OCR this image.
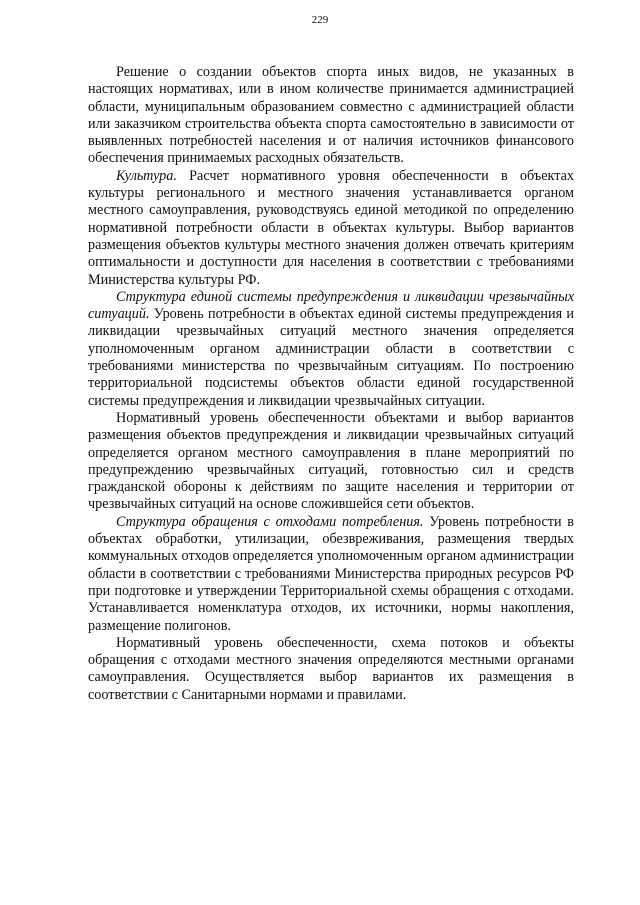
229

Решение о создании объектов спорта иных видов, не указанных в настоящих нормативах, или в ином количестве принимается администрацией области, муниципальным образованием совместно с администрацией области или заказчиком строительства объекта спорта самостоятельно в зависимости от выявленных потребностей населения и от наличия источников финансового обеспечения принимаемых расходных обязательств.

Культура. Расчет нормативного уровня обеспеченности в объектах культуры регионального и местного значения устанавливается органом местного самоуправления, руководствуясь единой методикой по определению нормативной потребности области в объектах культуры. Выбор вариантов размещения объектов культуры местного значения должен отвечать критериям оптимальности и доступности для населения в соответствии с требованиями Министерства культуры РФ.

Структура единой системы предупреждения и ликвидации чрезвычайных ситуаций. Уровень потребности в объектах единой системы предупреждения и ликвидации чрезвычайных ситуаций местного значения определяется уполномоченным органом администрации области в соответствии с требованиями министерства по чрезвычайным ситуациям. По построению территориальной подсистемы объектов области единой государственной системы предупреждения и ликвидации чрезвычайных ситуации.

Нормативный уровень обеспеченности объектами и выбор вариантов размещения объектов предупреждения и ликвидации чрезвычайных ситуаций определяется органом местного самоуправления в плане мероприятий по предупреждению чрезвычайных ситуаций, готовностью сил и средств гражданской обороны к действиям по защите населения и территории от чрезвычайных ситуаций на основе сложившейся сети объектов.

Структура обращения с отходами потребления. Уровень потребности в объектах обработки, утилизации, обезвреживания, размещения твердых коммунальных отходов определяется уполномоченным органом администрации области в соответствии с требованиями Министерства природных ресурсов РФ при подготовке и утверждении Территориальной схемы обращения с отходами. Устанавливается номенклатура отходов, их источники, нормы накопления, размещение полигонов.

Нормативный уровень обеспеченности, схема потоков и объекты обращения с отходами местного значения определяются местными органами самоуправления. Осуществляется выбор вариантов их размещения в соответствии с Санитарными нормами и правилами.
